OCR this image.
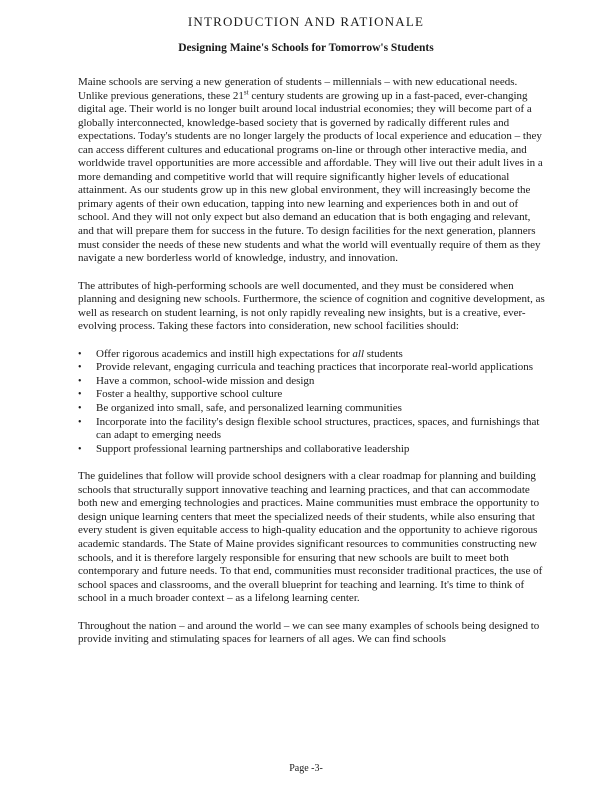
INTRODUCTION AND RATIONALE
Designing Maine's Schools for Tomorrow's Students

Maine schools are serving a new generation of students – millennials – with new educational needs. Unlike previous generations, these 21st century students are growing up in a fast-paced, ever-changing digital age. Their world is no longer built around local industrial economies; they will become part of a globally interconnected, knowledge-based society that is governed by radically different rules and expectations. Today's students are no longer largely the products of local experience and education – they can access different cultures and educational programs on-line or through other interactive media, and worldwide travel opportunities are more accessible and affordable. They will live out their adult lives in a more demanding and competitive world that will require significantly higher levels of educational attainment. As our students grow up in this new global environment, they will increasingly become the primary agents of their own education, tapping into new learning and experiences both in and out of school. And they will not only expect but also demand an education that is both engaging and relevant, and that will prepare them for success in the future. To design facilities for the next generation, planners must consider the needs of these new students and what the world will eventually require of them as they navigate a new borderless world of knowledge, industry, and innovation.

The attributes of high-performing schools are well documented, and they must be considered when planning and designing new schools. Furthermore, the science of cognition and cognitive development, as well as research on student learning, is not only rapidly revealing new insights, but is a creative, ever-evolving process. Taking these factors into consideration, new school facilities should:

• Offer rigorous academics and instill high expectations for all students
• Provide relevant, engaging curricula and teaching practices that incorporate real-world applications
• Have a common, school-wide mission and design
• Foster a healthy, supportive school culture
• Be organized into small, safe, and personalized learning communities
• Incorporate into the facility's design flexible school structures, practices, spaces, and furnishings that can adapt to emerging needs
• Support professional learning partnerships and collaborative leadership

The guidelines that follow will provide school designers with a clear roadmap for planning and building schools that structurally support innovative teaching and learning practices, and that can accommodate both new and emerging technologies and practices. Maine communities must embrace the opportunity to design unique learning centers that meet the specialized needs of their students, while also ensuring that every student is given equitable access to high-quality education and the opportunity to achieve rigorous academic standards. The State of Maine provides significant resources to communities constructing new schools, and it is therefore largely responsible for ensuring that new schools are built to meet both contemporary and future needs. To that end, communities must reconsider traditional practices, the use of school spaces and classrooms, and the overall blueprint for teaching and learning. It's time to think of school in a much broader context – as a lifelong learning center.

Throughout the nation – and around the world – we can see many examples of schools being designed to provide inviting and stimulating spaces for learners of all ages. We can find schools

Page -3-
